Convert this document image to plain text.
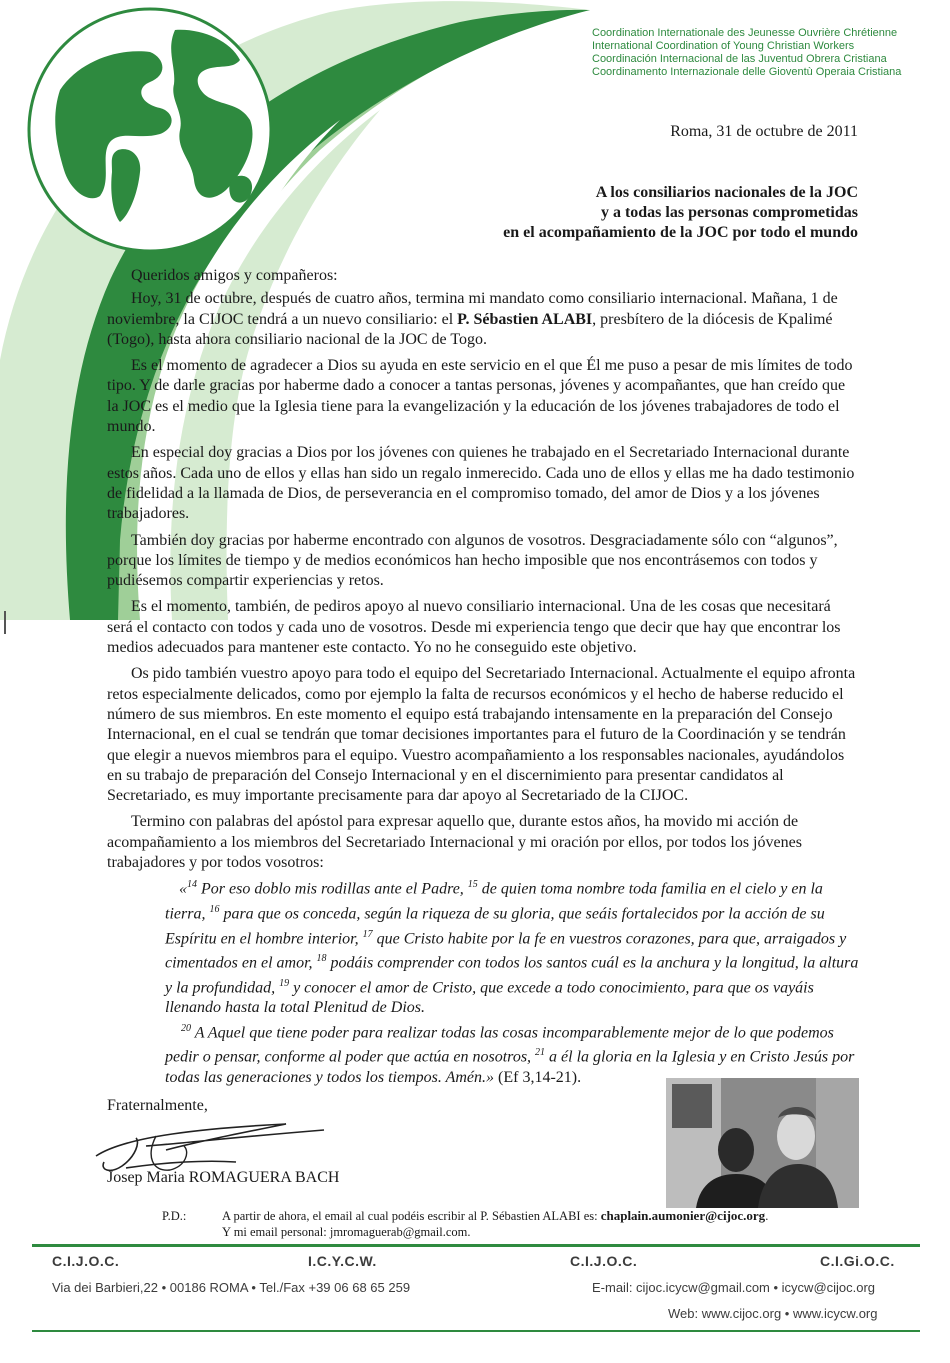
Coordination Internationale des Jeunesse Ouvrière Chrétienne
International Coordination of Young Christian Workers
Coordinación Internacional de las Juventud Obrera Cristiana
Coordinamento Internazionale delle Gioventù Operaia Cristiana
Roma, 31 de octubre de 2011
A los consiliarios nacionales de la JOC
y a todas las personas comprometidas
en el acompañamiento de la JOC por todo el mundo

Queridos amigos y compañeros:

Hoy, 31 de octubre, después de cuatro años, termina mi mandato como consiliario internacional. Mañana, 1 de noviembre, la CIJOC tendrá a un nuevo consiliario: el P. Sébastien ALABI, presbítero de la diócesis de Kpalimé (Togo), hasta ahora consiliario nacional de la JOC de Togo.

Es el momento de agradecer a Dios su ayuda en este servicio en el que Él me puso a pesar de mis límites de todo tipo. Y de darle gracias por haberme dado a conocer a tantas personas, jóvenes y acompañantes, que han creído que la JOC es el medio que la Iglesia tiene para la evangelización y la educación de los jóvenes trabajadores de todo el mundo.

En especial doy gracias a Dios por los jóvenes con quienes he trabajado en el Secretariado Internacional durante estos años. Cada uno de ellos y ellas han sido un regalo inmerecido. Cada uno de ellos y ellas me ha dado testimonio de fidelidad a la llamada de Dios, de perseverancia en el compromiso tomado, del amor de Dios y a los jóvenes trabajadores.

También doy gracias por haberme encontrado con algunos de vosotros. Desgraciadamente sólo con “algunos”, porque los límites de tiempo y de medios económicos han hecho imposible que nos encontrásemos con todos y pudiésemos compartir experiencias y retos.

Es el momento, también, de pediros apoyo al nuevo consiliario internacional. Una de les cosas que necesitará será el contacto con todos y cada uno de vosotros. Desde mi experiencia tengo que decir que hay que encontrar los medios adecuados para mantener este contacto. Yo no he conseguido este objetivo.

Os pido también vuestro apoyo para todo el equipo del Secretariado Internacional. Actualmente el equipo afronta retos especialmente delicados, como por ejemplo la falta de recursos económicos y el hecho de haberse reducido el número de sus miembros. En este momento el equipo está trabajando intensamente en la preparación del Consejo Internacional, en el cual se tendrán que tomar decisiones importantes para el futuro de la Coordinación y se tendrán que elegir a nuevos miembros para el equipo. Vuestro acompañamiento a los responsables nacionales, ayudándolos en su trabajo de preparación del Consejo Internacional y en el discernimiento para presentar candidatos al Secretariado, es muy importante precisamente para dar apoyo al Secretariado de la CIJOC.

Termino con palabras del apóstol para expresar aquello que, durante estos años, ha movido mi acción de acompañamiento a los miembros del Secretariado Internacional y mi oración por ellos, por todos los jóvenes trabajadores y por todos vosotros:

«$^{14}$ Por eso doblo mis rodillas ante el Padre, $^{15}$ de quien toma nombre toda familia en el cielo y en la tierra, $^{16}$ para que os conceda, según la riqueza de su gloria, que seáis fortalecidos por la acción de su Espíritu en el hombre interior, $^{17}$ que Cristo habite por la fe en vuestros corazones, para que, arraigados y cimentados en el amor, $^{18}$ podáis comprender con todos los santos cuál es la anchura y la longitud, la altura y la profundidad, $^{19}$ y conocer el amor de Cristo, que excede a todo conocimiento, para que os vayáis llenando hasta la total Plenitud de Dios.

$^{20}$ A Aquel que tiene poder para realizar todas las cosas incomparablemente mejor de lo que podemos pedir o pensar, conforme al poder que actúa en nosotros, $^{21}$ a él la gloria en la Iglesia y en Cristo Jesús por todas las generaciones y todos los tiempos. Amén.» (Ef 3,14-21).

Fraternalmente,
Josep Maria ROMAGUERA BACH
P.D.:	A partir de ahora, el email al cual podéis escribir al P. Sébastien ALABI es: chaplain.aumonier@cijoc.org.
Y mi email personal: jmromaguerab@gmail.com.
C.I.J.O.C.	I.C.Y.C.W.	C.I.J.O.C.	C.I.Gi.O.C.
Via dei Barbieri,22 • 00186 ROMA • Tel./Fax +39 06 68 65 259	E-mail: cijoc.icycw@gmail.com • icycw@cijoc.org
Web: www.cijoc.org • www.icycw.org
